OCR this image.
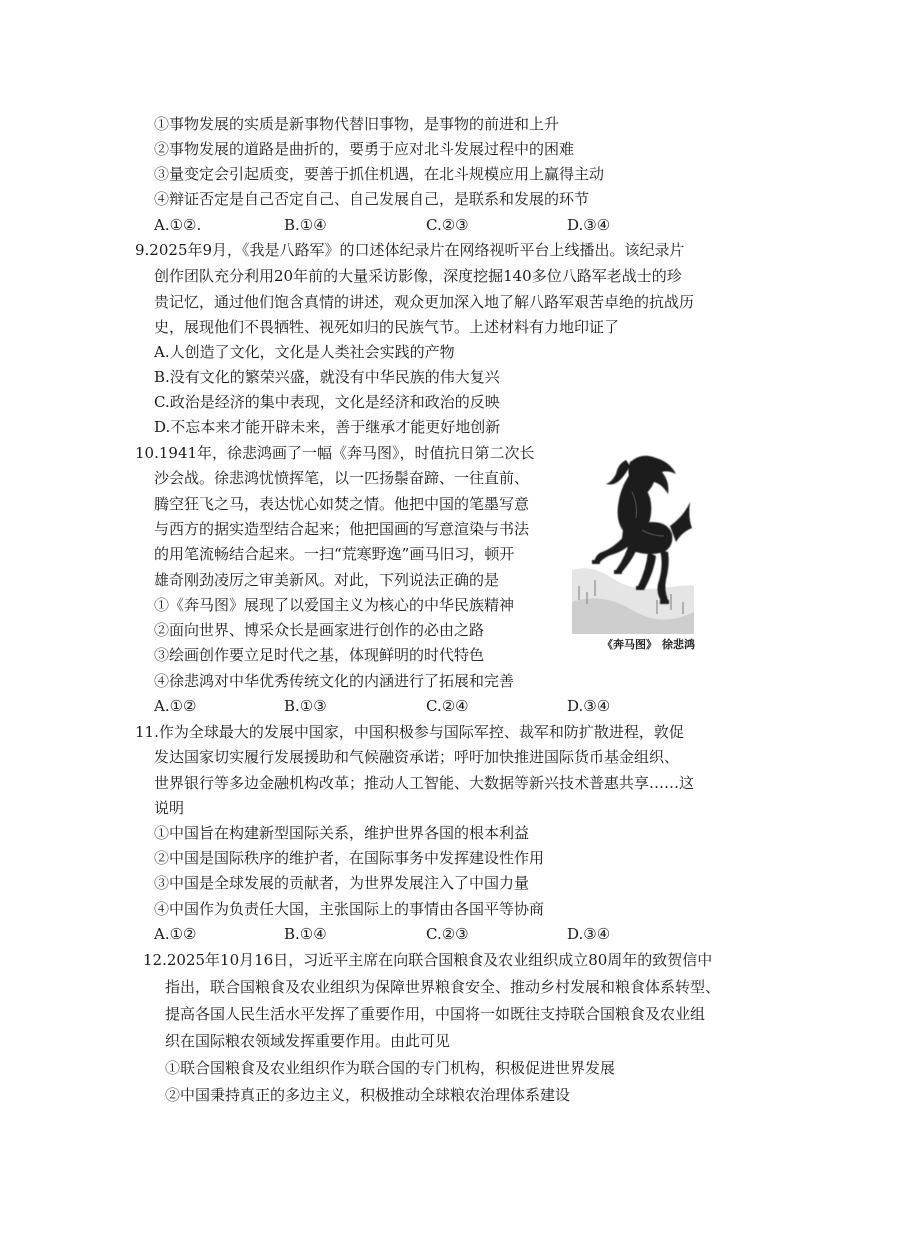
①事物发展的实质是新事物代替旧事物，是事物的前进和上升
②事物发展的道路是曲折的，要勇于应对北斗发展过程中的困难
③量变定会引起质变，要善于抓住机遇，在北斗规模应用上赢得主动
④辩证否定是自己否定自己、自己发展自己，是联系和发展的环节
A.①②.	B.①④	C.②③	D.③④
9.2025年9月，《我是八路军》的口述体纪录片在网络视听平台上线播出。该纪录片
创作团队充分利用20年前的大量采访影像，深度挖掘140多位八路军老战士的珍
贵记忆，通过他们饱含真情的讲述，观众更加深入地了解八路军艰苦卓绝的抗战历
史，展现他们不畏牺牲、视死如归的民族气节。上述材料有力地印证了
A.人创造了文化，文化是人类社会实践的产物
B.没有文化的繁荣兴盛，就没有中华民族的伟大复兴
C.政治是经济的集中表现，文化是经济和政治的反映
D.不忘本来才能开辟未来，善于继承才能更好地创新
10.1941年，徐悲鸿画了一幅《奔马图》，时值抗日第二次长
沙会战。徐悲鸿忧愤挥笔，以一匹扬鬃奋蹄、一往直前、
腾空狂飞之马，表达忧心如焚之情。他把中国的笔墨写意
与西方的据实造型结合起来；他把国画的写意渲染与书法
的用笔流畅结合起来。一扫“荒寒野逸”画马旧习，顿开
雄奇刚劲凌厉之审美新风。对此，下列说法正确的是
①《奔马图》展现了以爱国主义为核心的中华民族精神
②面向世界、博采众长是画家进行创作的必由之路
③绘画创作要立足时代之基，体现鲜明的时代特色
④徐悲鸿对中华优秀传统文化的内涵进行了拓展和完善
A.①②	B.①③	C.②④	D.③④
《奔马图》 徐悲鸿
11.作为全球最大的发展中国家，中国积极参与国际军控、裁军和防扩散进程，敦促
发达国家切实履行发展援助和气候融资承诺；呼吁加快推进国际货币基金组织、
世界银行等多边金融机构改革；推动人工智能、大数据等新兴技术普惠共享……这
说明
①中国旨在构建新型国际关系，维护世界各国的根本利益
②中国是国际秩序的维护者，在国际事务中发挥建设性作用
③中国是全球发展的贡献者，为世界发展注入了中国力量
④中国作为负责任大国，主张国际上的事情由各国平等协商
A.①②	B.①④	C.②③	D.③④
12.2025年10月16日，习近平主席在向联合国粮食及农业组织成立80周年的致贺信中
指出，联合国粮食及农业组织为保障世界粮食安全、推动乡村发展和粮食体系转型、
提高各国人民生活水平发挥了重要作用，中国将一如既往支持联合国粮食及农业组
织在国际粮农领域发挥重要作用。由此可见
①联合国粮食及农业组织作为联合国的专门机构，积极促进世界发展
②中国秉持真正的多边主义，积极推动全球粮农治理体系建设
